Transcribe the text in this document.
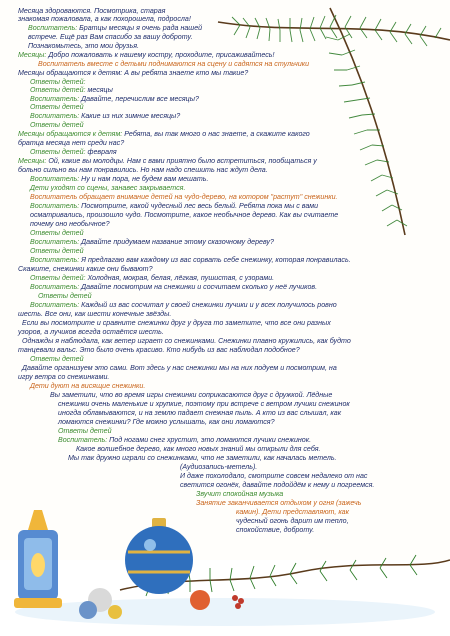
Месяца здороваются. Посмотрика, старая
знакомая пожаловала, а как похорошела, подросла!
Воспитатель: Братцы месяцы я очень рада нашей
встрече. Ещё раз Вам спасибо за вашу доброту.
Познакомьтесь, это мои друзья.
Месяцы: Добро пожаловать к нашему костру, проходите, присаживайтесь!
Воспитатель вместе с детьми поднимаются на сцену и садятся на стульчики
Месяцы обращаются к детям: А вы ребята знаете кто мы такие?
Ответы детей:
Ответы детей: месяцы
Воспитатель: Давайте, перечислим все месяцы?
Ответы детей
Воспитатель: Какие из них зимние месяцы?
Ответы детей
Месяцы обращаются к детям: Ребята, вы так много о нас знаете, а скажите какого
братца месяца нет среди нас?
Ответы детей: февраля
Месяцы: Ой, какие вы молодцы. Нам с вами приятно было встретиться, пообщаться у
больно сильно вы нам понравились. Но нам надо спешить нас ждут дела.
Воспитатель: Ну и нам пора, не будем вам мешать.
Дети уходят со сцены, занавес закрывается.
Воспитатель обращает внимание детей на чудо-дерево, на котором "растут" снежинки.
Воспитатель: Посмотрите, какой чудесный лес весь белый. Ребята пока мы с вами
осматривались, произошло чудо. Посмотрите, какое необычное дерево. Как вы считаете
почему оно необычное?
Ответы детей
Воспитатель: Давайте придумаем название этому сказочному дереву?
Ответы детей
Воспитатель: Я предлагаю вам каждому из вас сорвать себе снежинку, которая понравилась.
Скажите, снежинки какие они бывают?
Ответы детей: Холодная, мокрая, белая, лёгкая, пушистая, с узорами.
Воспитатель: Давайте посмотрим на снежинки и сосчитаем сколько у неё лучиков.
Ответы детей
Воспитатель: Каждый из вас сосчитал у своей снежинки лучики и у всех получилось ровно
шесть. Все они, как шести конечные звёзды.
Если вы посмотрите и сравните снежинки друг у друга то заметите, что все они разных
узоров, а лучиков всегда остаётся шесть.
Однажды я наблюдала, как ветер играет со снежинками. Снежинки плавно кружились, как будто
танцевали вальс. Это было очень красиво. Кто нибудь из вас наблюдал подобное?
Ответы детей
Давайте организуем это сами. Вот здесь у нас снежинки мы на них подуем и посмотрим, на
игру ветра со снежинками.
Дети дуют на висящие снежинки.
Вы заметили, что во время игры снежинки соприкасаются друг с дружкой. Лёдные
снежинки очень маленькие и хрупкие, поэтому при встрече с ветром лучики снежинок
иногда обламываются, и на землю падает снежная пыль. А кто из вас слышал, как
ломаются снежинки? Где можно услышать, как они ломаются?
Ответы детей
Воспитатель: Под ногами снег хрустит, это ломаются лучики снежинок.
Какое волшебное дерево, как много новых знаний мы открыли для себя.
Мы так дружно играли со снежинками, что не заметили, как началась метель.
(Аудиозапись-метель).
И даже похолодало, смотрите совсем недалеко от нас
светится огонёк, давайте подойдём к нему и погреемся.
Звучит спокойная музыка
Занятие заканчивается отдыхом у огня (зажечь
камин). Дети представляют, как
чудесный огонь дарит им тепло,
спокойствие, доброту.
